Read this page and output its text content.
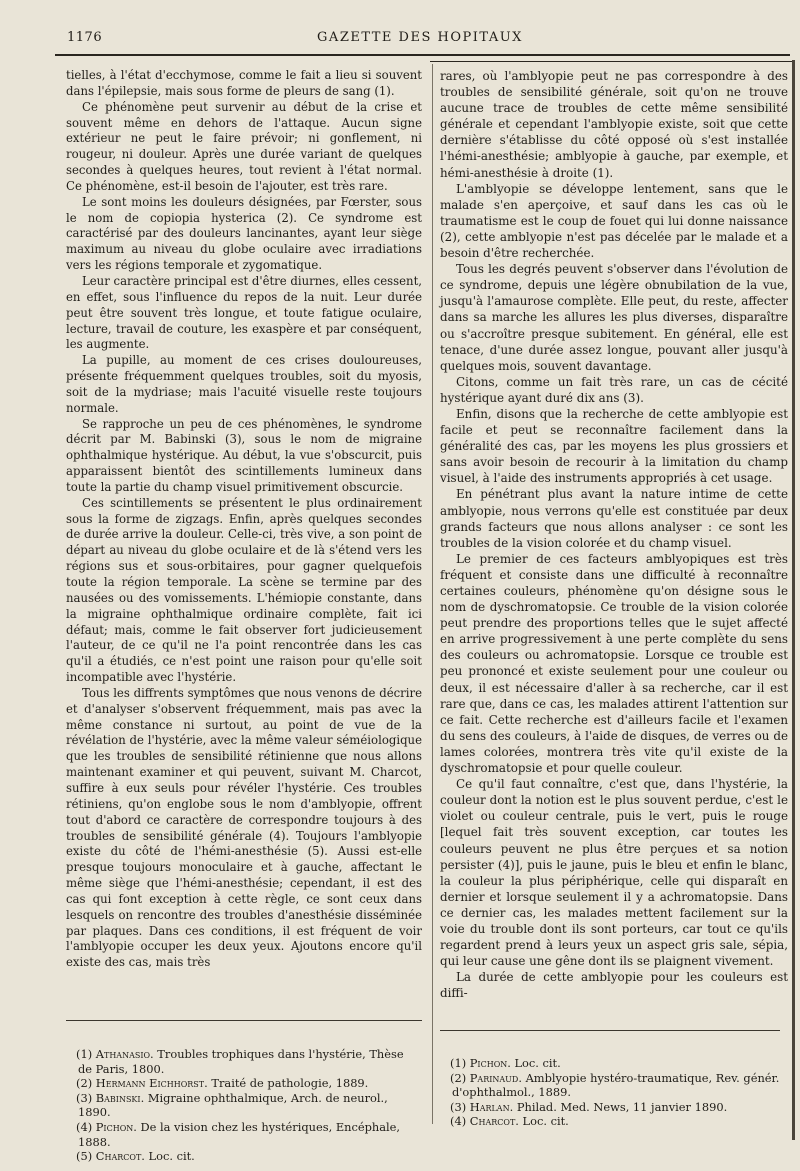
1176	GAZETTE DES HOPITAUX

tielles, à l'état d'ecchymose, comme le fait a lieu si souvent dans l'épilepsie, mais sous forme de pleurs de sang (1).

Ce phénomène peut survenir au début de la crise et souvent même en dehors de l'attaque. Aucun signe extérieur ne peut le faire prévoir; ni gonflement, ni rougeur, ni douleur. Après une durée variant de quelques secondes à quelques heures, tout revient à l'état normal. Ce phénomène, est-il besoin de l'ajouter, est très rare.

Le sont moins les douleurs désignées, par Fœrster, sous le nom de copiopia hysterica (2). Ce syndrome est caractérisé par des douleurs lancinantes, ayant leur siège maximum au niveau du globe oculaire avec irradiations vers les régions temporale et zygomatique.

Leur caractère principal est d'être diurnes, elles cessent, en effet, sous l'influence du repos de la nuit. Leur durée peut être souvent très longue, et toute fatigue oculaire, lecture, travail de couture, les exaspère et par conséquent, les augmente.

La pupille, au moment de ces crises douloureuses, présente fréquemment quelques troubles, soit du myosis, soit de la mydriase; mais l'acuité visuelle reste toujours normale.

Se rapproche un peu de ces phénomènes, le syndrome décrit par M. Babinski (3), sous le nom de migraine ophthalmique hystérique. Au début, la vue s'obscurcit, puis apparaissent bientôt des scintillements lumineux dans toute la partie du champ visuel primitivement obscurcie.

Ces scintillements se présentent le plus ordinairement sous la forme de zigzags. Enfin, après quelques secondes de durée arrive la douleur. Celle-ci, très vive, a son point de départ au niveau du globe oculaire et de là s'étend vers les régions sus et sous-orbitaires, pour gagner quelquefois toute la région temporale. La scène se termine par des nausées ou des vomissements. L'hémiopie constante, dans la migraine ophthalmique ordinaire complète, fait ici défaut; mais, comme le fait observer fort judicieusement l'auteur, de ce qu'il ne l'a point rencontrée dans les cas qu'il a étudiés, ce n'est point une raison pour qu'elle soit incompatible avec l'hystérie.

Tous les diffrents symptômes que nous venons de décrire et d'analyser s'observent fréquemment, mais pas avec la même constance ni surtout, au point de vue de la révélation de l'hystérie, avec la même valeur séméiologique que les troubles de sensibilité rétinienne que nous allons maintenant examiner et qui peuvent, suivant M. Charcot, suffire à eux seuls pour révéler l'hystérie. Ces troubles rétiniens, qu'on englobe sous le nom d'amblyopie, offrent tout d'abord ce caractère de correspondre toujours à des troubles de sensibilité générale (4). Toujours l'amblyopie existe du côté de l'hémi-anesthésie (5). Aussi est-elle presque toujours monoculaire et à gauche, affectant le même siège que l'hémi-anesthésie; cependant, il est des cas qui font exception à cette règle, ce sont ceux dans lesquels on rencontre des troubles d'anesthésie disséminée par plaques. Dans ces conditions, il est fréquent de voir l'amblyopie occuper les deux yeux. Ajoutons encore qu'il existe des cas, mais très

rares, où l'amblyopie peut ne pas correspondre à des troubles de sensibilité générale, soit qu'on ne trouve aucune trace de troubles de cette même sensibilité générale et cependant l'amblyopie existe, soit que cette dernière s'établisse du côté opposé où s'est installée l'hémi-anesthésie; amblyopie à gauche, par exemple, et hémi-anesthésie à droite (1).

L'amblyopie se développe lentement, sans que le malade s'en aperçoive, et sauf dans les cas où le traumatisme est le coup de fouet qui lui donne naissance (2), cette amblyopie n'est pas décelée par le malade et a besoin d'être recherchée.

Tous les degrés peuvent s'observer dans l'évolution de ce syndrome, depuis une légère obnubilation de la vue, jusqu'à l'amaurose complète. Elle peut, du reste, affecter dans sa marche les allures les plus diverses, disparaître ou s'accroître presque subitement. En général, elle est tenace, d'une durée assez longue, pouvant aller jusqu'à quelques mois, souvent davantage.

Citons, comme un fait très rare, un cas de cécité hystérique ayant duré dix ans (3).

Enfin, disons que la recherche de cette amblyopie est facile et peut se reconnaître facilement dans la généralité des cas, par les moyens les plus grossiers et sans avoir besoin de recourir à la limitation du champ visuel, à l'aide des instruments appropriés à cet usage.

En pénétrant plus avant la nature intime de cette amblyopie, nous verrons qu'elle est constituée par deux grands facteurs que nous allons analyser : ce sont les troubles de la vision colorée et du champ visuel.

Le premier de ces facteurs amblyopiques est très fréquent et consiste dans une difficulté à reconnaître certaines couleurs, phénomène qu'on désigne sous le nom de dyschromatopsie. Ce trouble de la vision colorée peut prendre des proportions telles que le sujet affecté en arrive progressivement à une perte complète du sens des couleurs ou achromatopsie. Lorsque ce trouble est peu prononcé et existe seulement pour une couleur ou deux, il est nécessaire d'aller à sa recherche, car il est rare que, dans ce cas, les malades attirent l'attention sur ce fait. Cette recherche est d'ailleurs facile et l'examen du sens des couleurs, à l'aide de disques, de verres ou de lames colorées, montrera très vite qu'il existe de la dyschromatopsie et pour quelle couleur.

Ce qu'il faut connaître, c'est que, dans l'hystérie, la couleur dont la notion est le plus souvent perdue, c'est le violet ou couleur centrale, puis le vert, puis le rouge [lequel fait très souvent exception, car toutes les couleurs peuvent ne plus être perçues et sa notion persister (4)], puis le jaune, puis le bleu et enfin le blanc, la couleur la plus périphérique, celle qui disparaît en dernier et lorsque seulement il y a achromatopsie. Dans ce dernier cas, les malades mettent facilement sur la voie du trouble dont ils sont porteurs, car tout ce qu'ils regardent prend à leurs yeux un aspect gris sale, sépia, qui leur cause une gêne dont ils se plaignent vivement.

La durée de cette amblyopie pour les couleurs est diffi-

(1) Athanasio. Troubles trophiques dans l'hystérie, Thèse de Paris, 1800.

(2) Hermann Eichhorst. Traité de pathologie, 1889.

(3) Babinski. Migraine ophthalmique, Arch. de neurol., 1890.

(4) Pichon. De la vision chez les hystériques, Encéphale, 1888.

(5) Charcot. Loc. cit.

(1) Pichon. Loc. cit.

(2) Parinaud. Amblyopie hystéro-traumatique, Rev. génér. d'ophthalmol., 1889.

(3) Harlan. Philad. Med. News, 11 janvier 1890.

(4) Charcot. Loc. cit.
